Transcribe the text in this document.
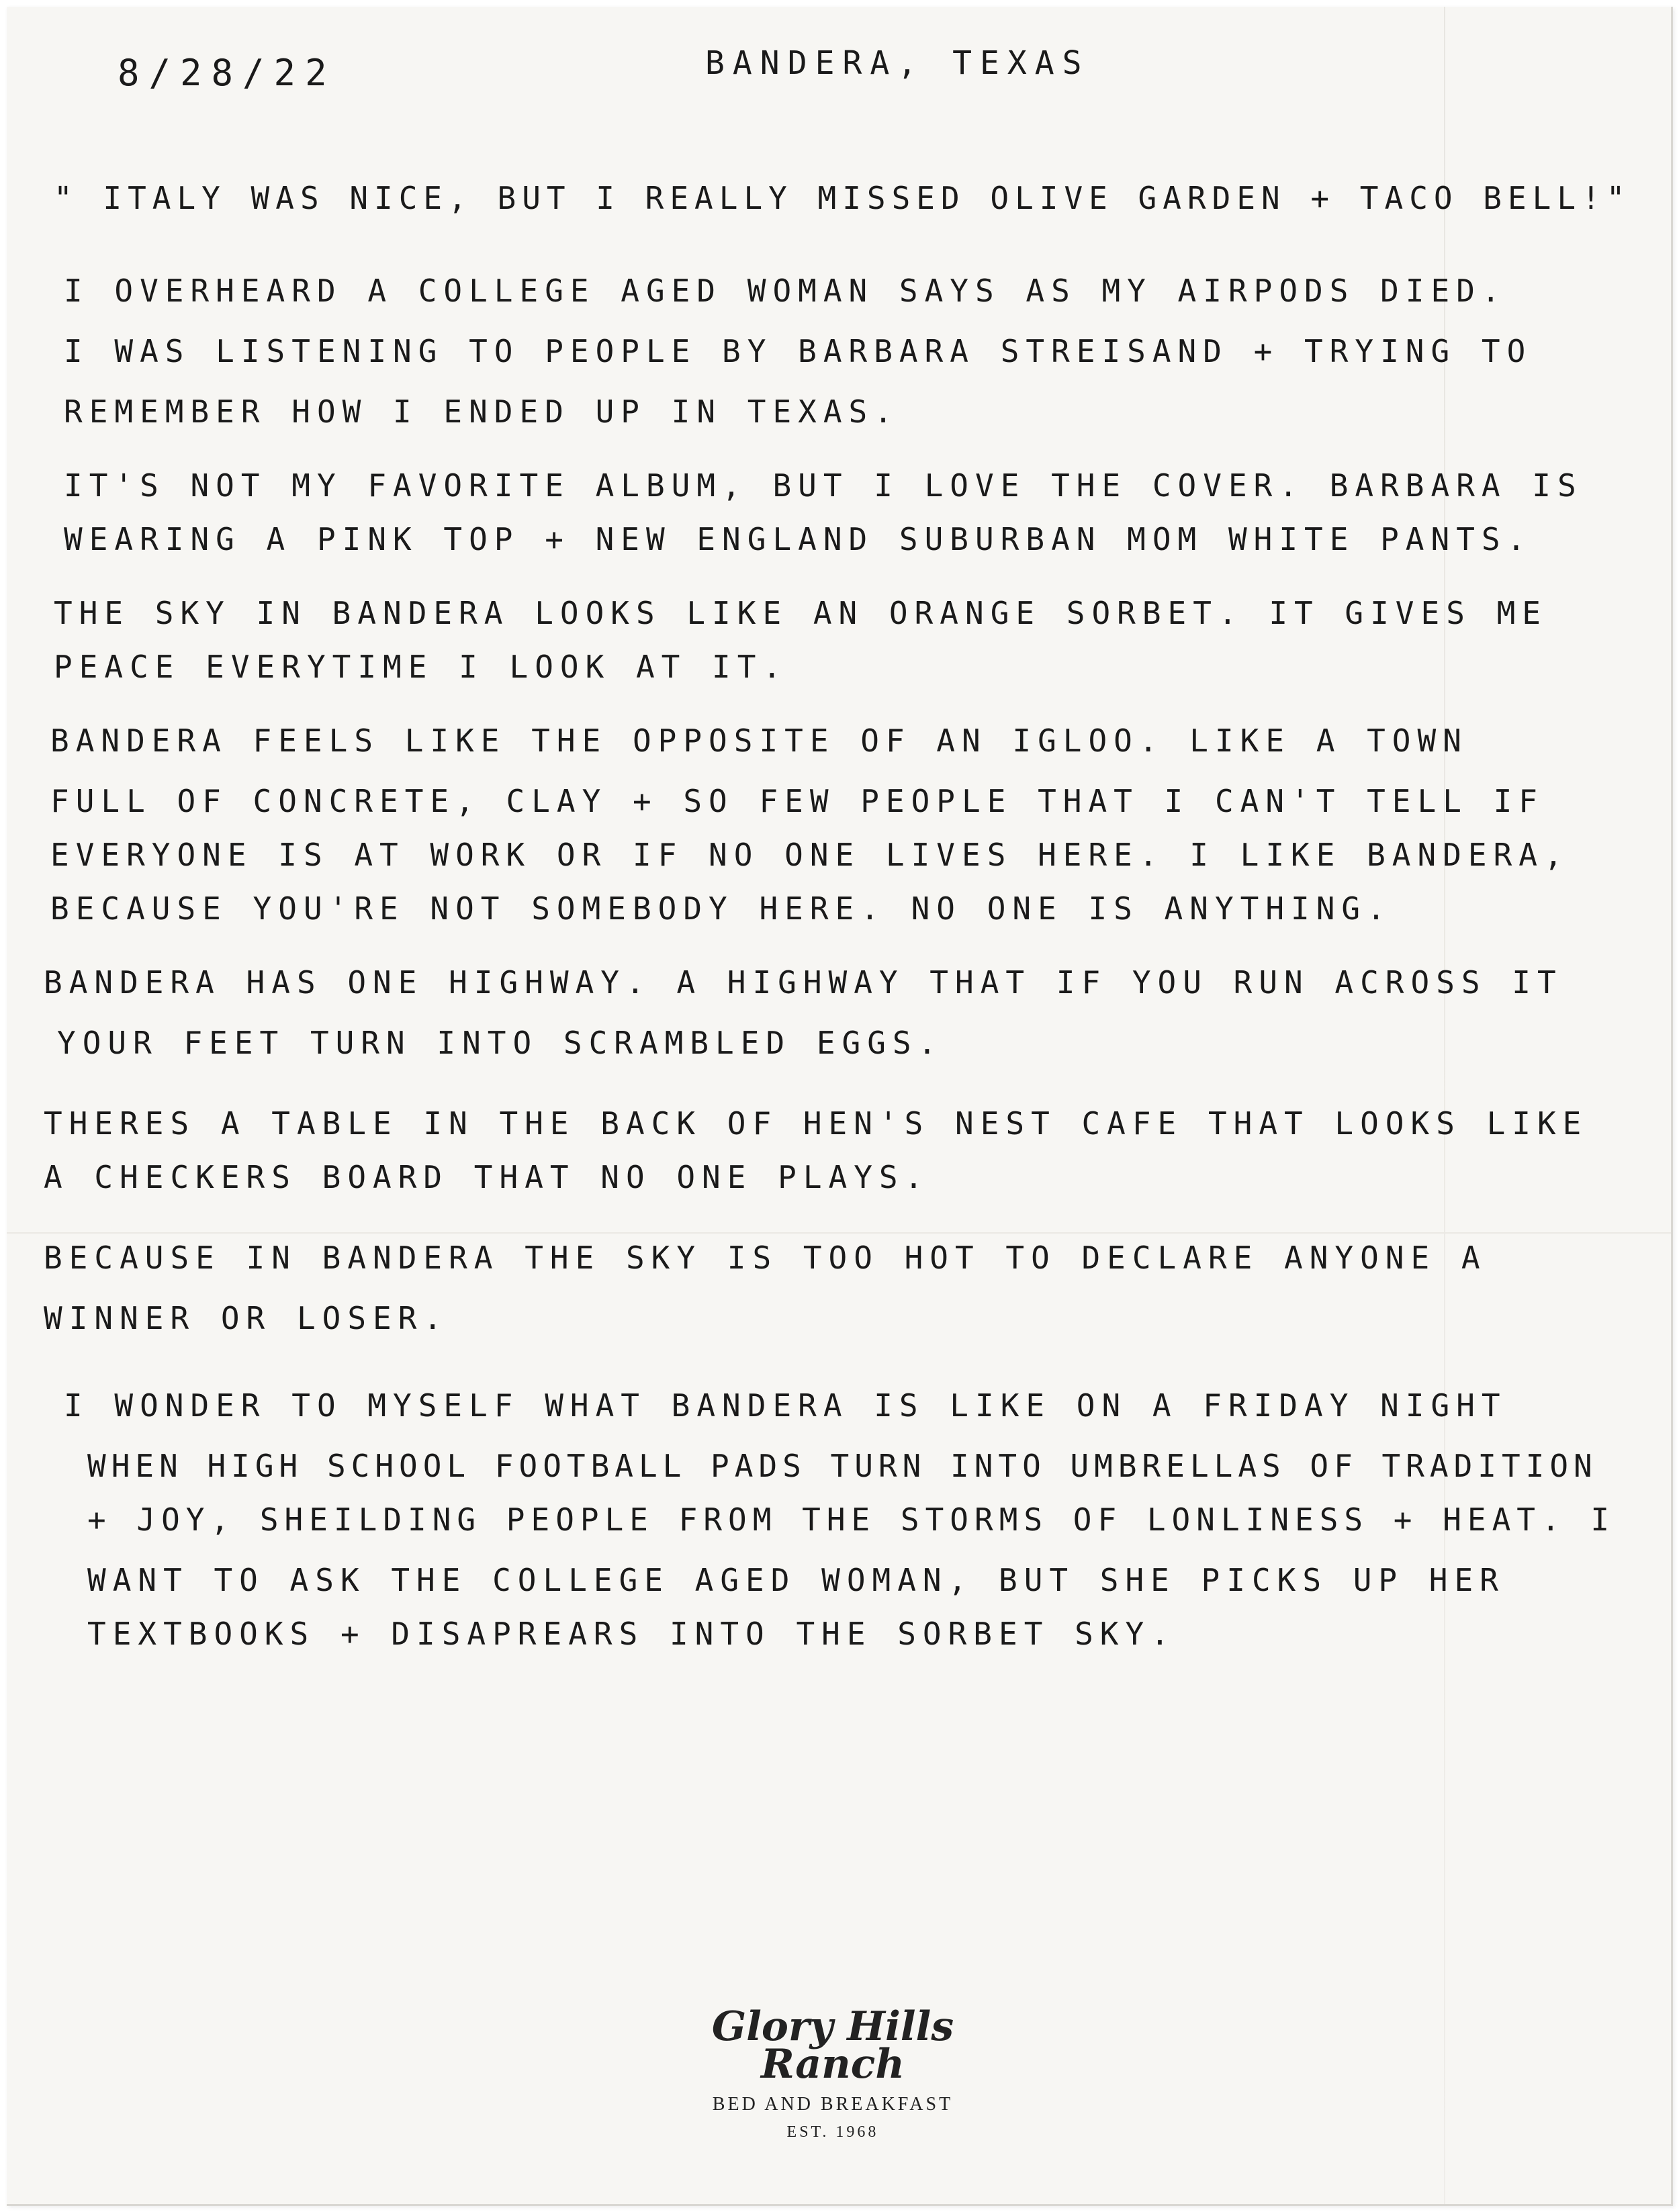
8/28/22	BANDERA, TEXAS
" ITALY WAS NICE, BUT I REALLY MISSED OLIVE GARDEN + TACO BELL!"
I OVERHEARD A COLLEGE AGED WOMAN SAYS AS MY AIRPODS DIED.
I WAS LISTENING TO PEOPLE BY BARBARA STREISAND + TRYING TO
REMEMBER HOW I ENDED UP IN TEXAS.
IT'S NOT MY FAVORITE ALBUM, BUT I LOVE THE COVER. BARBARA IS
WEARING A PINK TOP + NEW ENGLAND SUBURBAN MOM WHITE PANTS.
THE SKY IN BANDERA LOOKS LIKE AN ORANGE SORBET. IT GIVES ME
PEACE EVERYTIME I LOOK AT IT.
BANDERA FEELS LIKE THE OPPOSITE OF AN IGLOO. LIKE A TOWN
FULL OF CONCRETE, CLAY + SO FEW PEOPLE THAT I CAN'T TELL IF
EVERYONE IS AT WORK OR IF NO ONE LIVES HERE. I LIKE BANDERA,
BECAUSE YOU'RE NOT SOMEBODY HERE. NO ONE IS ANYTHING.
BANDERA HAS ONE HIGHWAY. A HIGHWAY THAT IF YOU RUN ACROSS IT
YOUR FEET TURN INTO SCRAMBLED EGGS.
THERES A TABLE IN THE BACK OF HEN'S NEST CAFE THAT LOOKS LIKE
A CHECKERS BOARD THAT NO ONE PLAYS.
BECAUSE IN BANDERA THE SKY IS TOO HOT TO DECLARE ANYONE A
WINNER OR LOSER.
I WONDER TO MYSELF WHAT BANDERA IS LIKE ON A FRIDAY NIGHT
WHEN HIGH SCHOOL FOOTBALL PADS TURN INTO UMBRELLAS OF TRADITION
+ JOY, SHEILDING PEOPLE FROM THE STORMS OF LONLINESS + HEAT. I
WANT TO ASK THE COLLEGE AGED WOMAN, BUT SHE PICKS UP HER
TEXTBOOKS + DISAPREARS INTO THE SORBET SKY.
Glory Hills
Ranch
BED AND BREAKFAST
EST. 1968
